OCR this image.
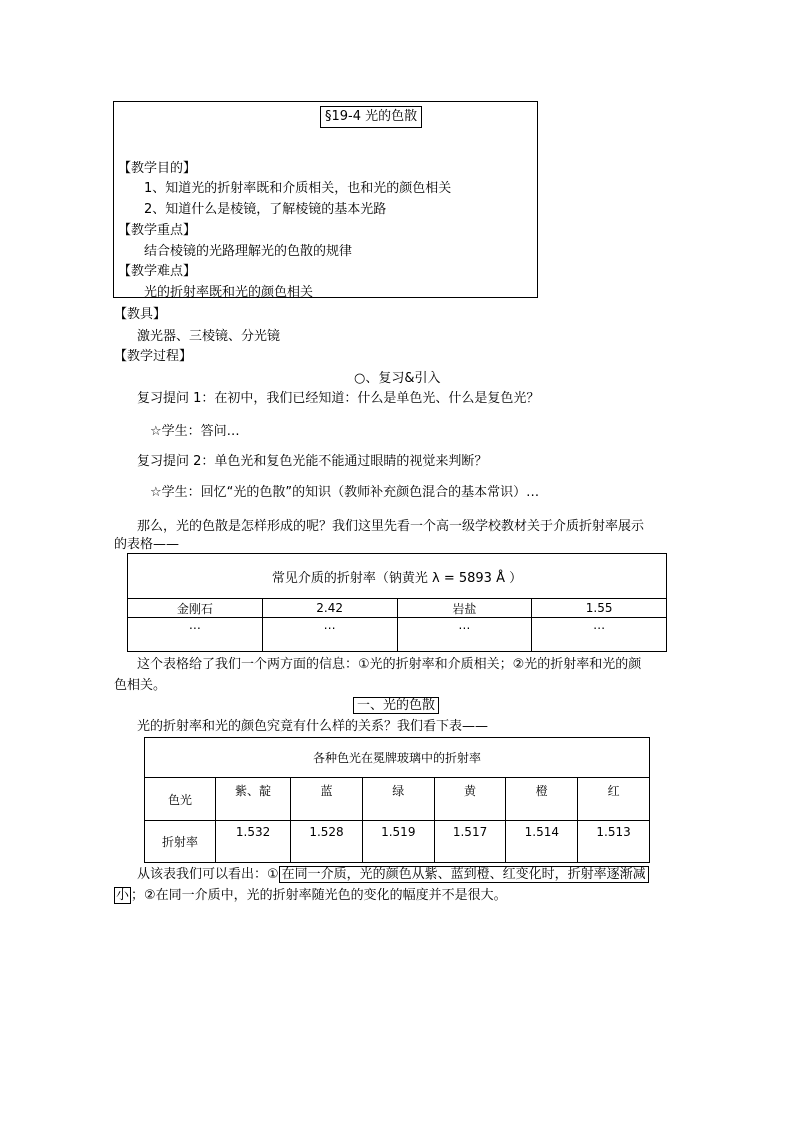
§19-4 光的色散
【教学目的】
1、知道光的折射率既和介质相关，也和光的颜色相关
2、知道什么是棱镜，了解棱镜的基本光路
【教学重点】
结合棱镜的光路理解光的色散的规律
【教学难点】
光的折射率既和光的颜色相关
【教具】
激光器、三棱镜、分光镜
【教学过程】
○、复习&引入
复习提问 1：在初中，我们已经知道：什么是单色光、什么是复色光？
☆学生：答问…
复习提问 2：单色光和复色光能不能通过眼睛的视觉来判断？
☆学生：回忆“光的色散”的知识（教师补充颜色混合的基本常识）…
那么，光的色散是怎样形成的呢？我们这里先看一个高一级学校教材关于介质折射率展示
的表格——
常见介质的折射率（钠黄光 λ = 5893 Å ）			
金刚石	2.42	岩盐	1.55
…	…	…	…
这个表格给了我们一个两方面的信息：①光的折射率和介质相关；②光的折射率和光的颜
色相关。
一、光的色散
光的折射率和光的颜色究竟有什么样的关系？我们看下表——
各种色光在冕牌玻璃中的折射率						
色光	紫、靛	蓝	绿	黄	橙	红
折射率	1.532	1.528	1.519	1.517	1.514	1.513
从该表我们可以看出：① 在同一介质，光的颜色从紫、蓝到橙、红变化时，折射率逐渐减
小 ；②在同一介质中，光的折射率随光色的变化的幅度并不是很大。
